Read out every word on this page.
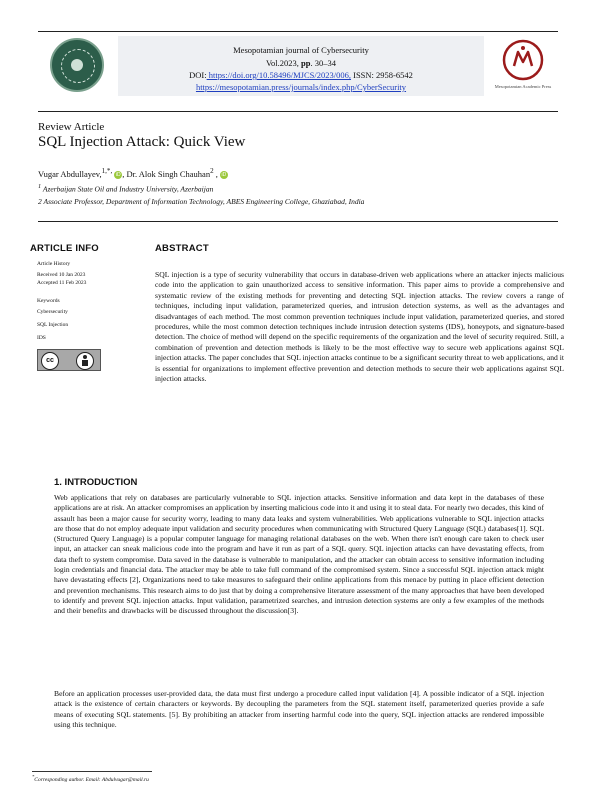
Mesopotamian journal of Cybersecurity
Vol.2023, pp. 30–34
DOI: https://doi.org/10.58496/MJCS/2023/006, ISSN: 2958-6542
https://mesopotamian.press/journals/index.php/CyberSecurity	Mesopotamian Academic Press
Review Article
SQL Injection Attack: Quick View
Vugar Abdullayev,$^{1,*,}$ iD , Dr. Alok Singh Chauhan$^2$ , iD
$^1$ Azerbaijan State Oil and Industry University, Azerbaijan
2 Associate Professor, Department of Information Technology, ABES Engineering College, Ghaziabad, India
ARTICLE INFO
Article History
Received 10 Jan 2023
Accepted 11 Feb 2023
Keywords
Cybersecurity
SQL Injection
IDS
cc
ABSTRACT
SQL injection is a type of security vulnerability that occurs in database-driven web applications where an attacker injects malicious code into the application to gain unauthorized access to sensitive information. This paper aims to provide a comprehensive and systematic review of the existing methods for preventing and detecting SQL injection attacks. The review covers a range of techniques, including input validation, parameterized queries, and intrusion detection systems, as well as the advantages and disadvantages of each method. The most common prevention techniques include input validation, parameterized queries, and stored procedures, while the most common detection techniques include intrusion detection systems (IDS), honeypots, and signature-based detection. The choice of method will depend on the specific requirements of the organization and the level of security required. Still, a combination of prevention and detection methods is likely to be the most effective way to secure web applications against SQL injection attacks. The paper concludes that SQL injection attacks continue to be a significant security threat to web applications, and it is essential for organizations to implement effective prevention and detection methods to secure their web applications against SQL injection attacks.
1. INTRODUCTION
Web applications that rely on databases are particularly vulnerable to SQL injection attacks. Sensitive information and data kept in the databases of these applications are at risk. An attacker compromises an application by inserting malicious code into it and using it to steal data. For nearly two decades, this kind of assault has been a major cause for security worry, leading to many data leaks and system vulnerabilities. Web applications vulnerable to SQL injection attacks are those that do not employ adequate input validation and security procedures when communicating with Structured Query Language (SQL) databases[1]. SQL (Structured Query Language) is a popular computer language for managing relational databases on the web. When there isn't enough care taken to check user input, an attacker can sneak malicious code into the program and have it run as part of a SQL query. SQL injection attacks can have devastating effects, from data theft to system compromise. Data saved in the database is vulnerable to manipulation, and the attacker can obtain access to sensitive information including login credentials and financial data. The attacker may be able to take full command of the compromised system. Since a successful SQL injection attack might have devastating effects [2], Organizations need to take measures to safeguard their online applications from this menace by putting in place efficient detection and prevention mechanisms. This research aims to do just that by doing a comprehensive literature assessment of the many approaches that have been developed to identify and prevent SQL injection attacks. Input validation, parametrized searches, and intrusion detection systems are only a few examples of the methods and their benefits and drawbacks will be discussed throughout the discussion[3].
Before an application processes user-provided data, the data must first undergo a procedure called input validation [4]. A possible indicator of a SQL injection attack is the existence of certain characters or keywords. By decoupling the parameters from the SQL statement itself, parameterized queries provide a safe means of executing SQL statements. [5]. By prohibiting an attacker from inserting harmful code into the query, SQL injection attacks are rendered impossible using this technique.
*Corresponding author. Email: Abdulvugar@mail.ru
